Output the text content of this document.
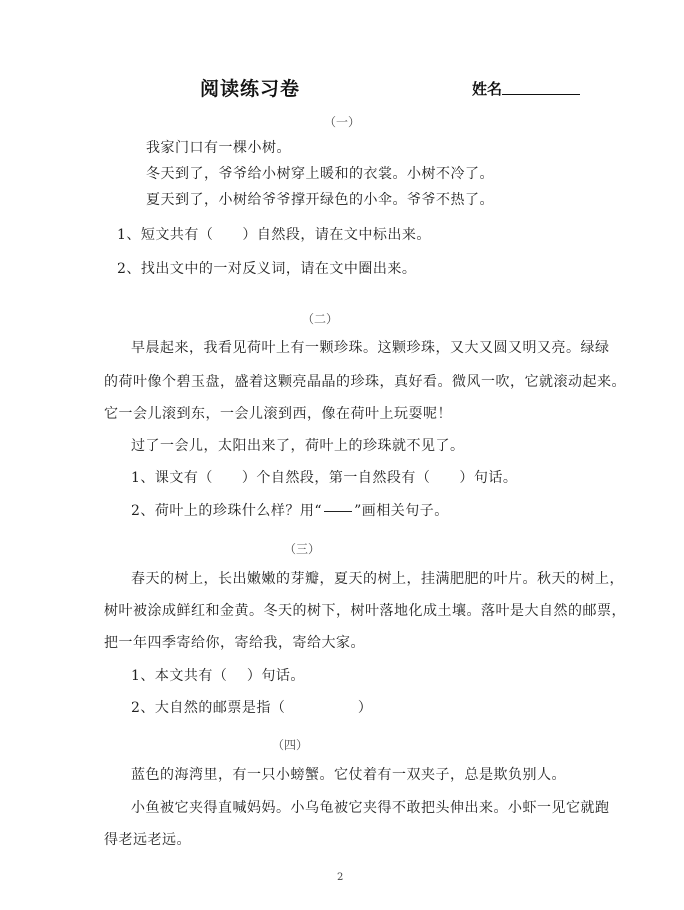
阅读练习卷	姓名
（一）
我家门口有一棵小树。
冬天到了，爷爷给小树穿上暖和的衣裳。小树不冷了。
夏天到了，小树给爷爷撑开绿色的小伞。爷爷不热了。
1、短文共有（　　）自然段，请在文中标出来。
2、找出文中的一对反义词，请在文中圈出来。
（二）
早晨起来，我看见荷叶上有一颗珍珠。这颗珍珠，又大又圆又明又亮。绿绿
的荷叶像个碧玉盘，盛着这颗亮晶晶的珍珠，真好看。微风一吹，它就滚动起来。
它一会儿滚到东，一会儿滚到西，像在荷叶上玩耍呢！
过了一会儿，太阳出来了，荷叶上的珍珠就不见了。
1、课文有（　　）个自然段，第一自然段有（　　）句话。
2、荷叶上的珍珠什么样？用“ ”画相关句子。
（三）
春天的树上，长出嫩嫩的芽瓣，夏天的树上，挂满肥肥的叶片。秋天的树上，
树叶被涂成鲜红和金黄。冬天的树下，树叶落地化成土壤。落叶是大自然的邮票，
把一年四季寄给你，寄给我，寄给大家。
1、本文共有（　 ）句话。
2、大自然的邮票是指（　　　　　）
（四）
蓝色的海湾里，有一只小螃蟹。它仗着有一双夹子，总是欺负别人。
小鱼被它夹得直喊妈妈。小乌龟被它夹得不敢把头伸出来。小虾一见它就跑
得老远老远。
2
